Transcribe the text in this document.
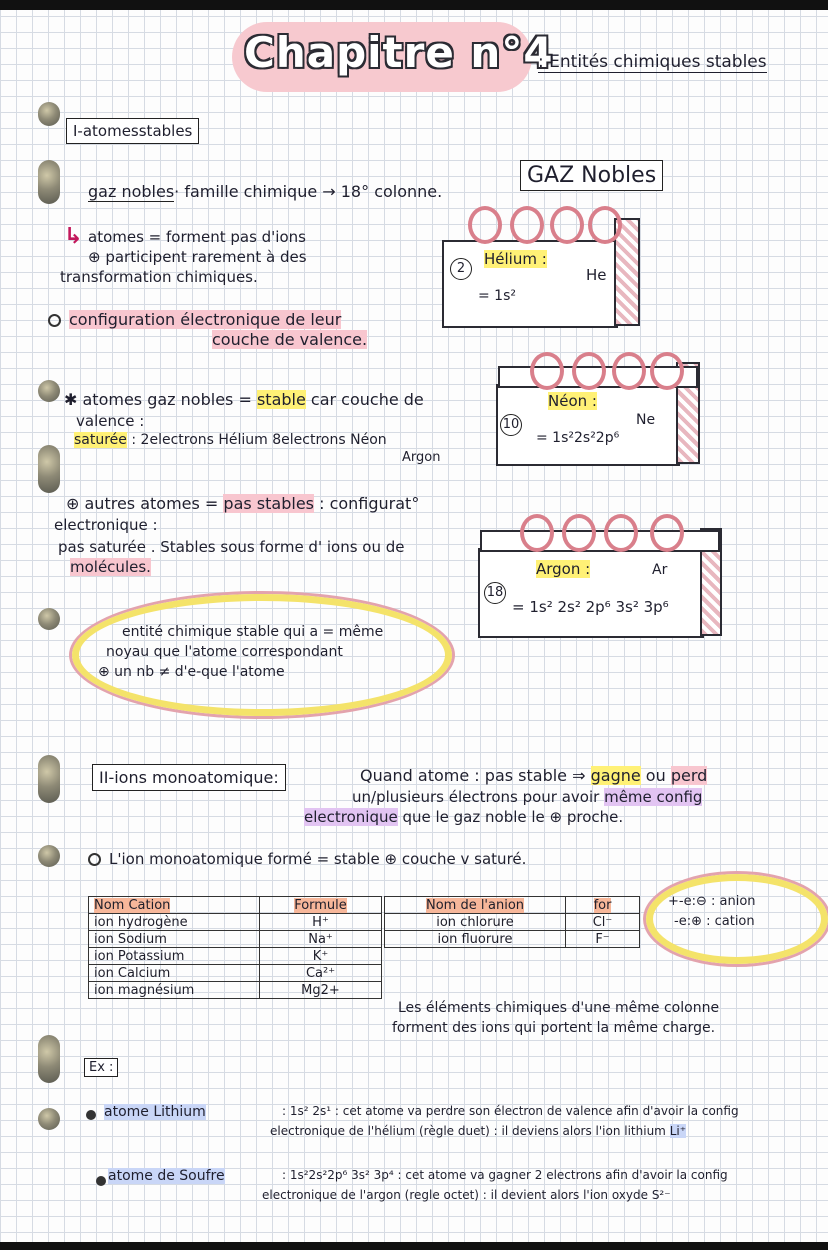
Chapitre n°4
: Entités chimiques stables
I-atomesstables
gaz nobles· famille chimique → 18° colonne.
↳ atomes = forment pas d'ions
⊕ participent rarement à des
transformation chimiques.
configuration électronique de leur
couche de valence.
✱ atomes gaz nobles = stable car couche de
valence :
saturée : 2electrons Hélium 8electrons Néon
Argon
⊕ autres atomes = pas stables : configurat°
electronique :
pas saturée . Stables sous forme d' ions ou de
molécules.
entité chimique stable qui a = même
noyau que l'atome correspondant
⊕ un nb ≠ d'e-que l'atome
GAZ Nobles
2
Hélium :
He
= 1s²
10
Néon :
Ne
= 1s²2s²2p⁶
18
Argon :	Ar
= 1s² 2s² 2p⁶ 3s² 3p⁶
II-ions monoatomique:	Quand atome : pas stable ⇒ gagne ou perd
un/plusieurs électrons pour avoir même config
electronique que le gaz noble le ⊕ proche.
L'ion monoatomique formé = stable ⊕ couche v saturé.
Nom Cation	Formule
ion hydrogène	H⁺
ion Sodium	Na⁺
ion Potassium	K⁺
ion Calcium	Ca²⁺
ion magnésium	Mg2+
Nom de l'anion	for
ion chlorure	Cl⁻
ion fluorure	F⁻
+-e:⊖ : anion
-e:⊕ : cation
Les éléments chimiques d'une même colonne
forment des ions qui portent la même charge.
Ex :
atome Lithium	: 1s² 2s¹ : cet atome va perdre son électron de valence afin d'avoir la config
electronique de l'hélium (règle duet) : il deviens alors l'ion lithium Li⁺
atome de Soufre	: 1s²2s²2p⁶ 3s² 3p⁴ : cet atome va gagner 2 electrons afin d'avoir la config
electronique de l'argon (regle octet) : il devient alors l'ion oxyde S²⁻
